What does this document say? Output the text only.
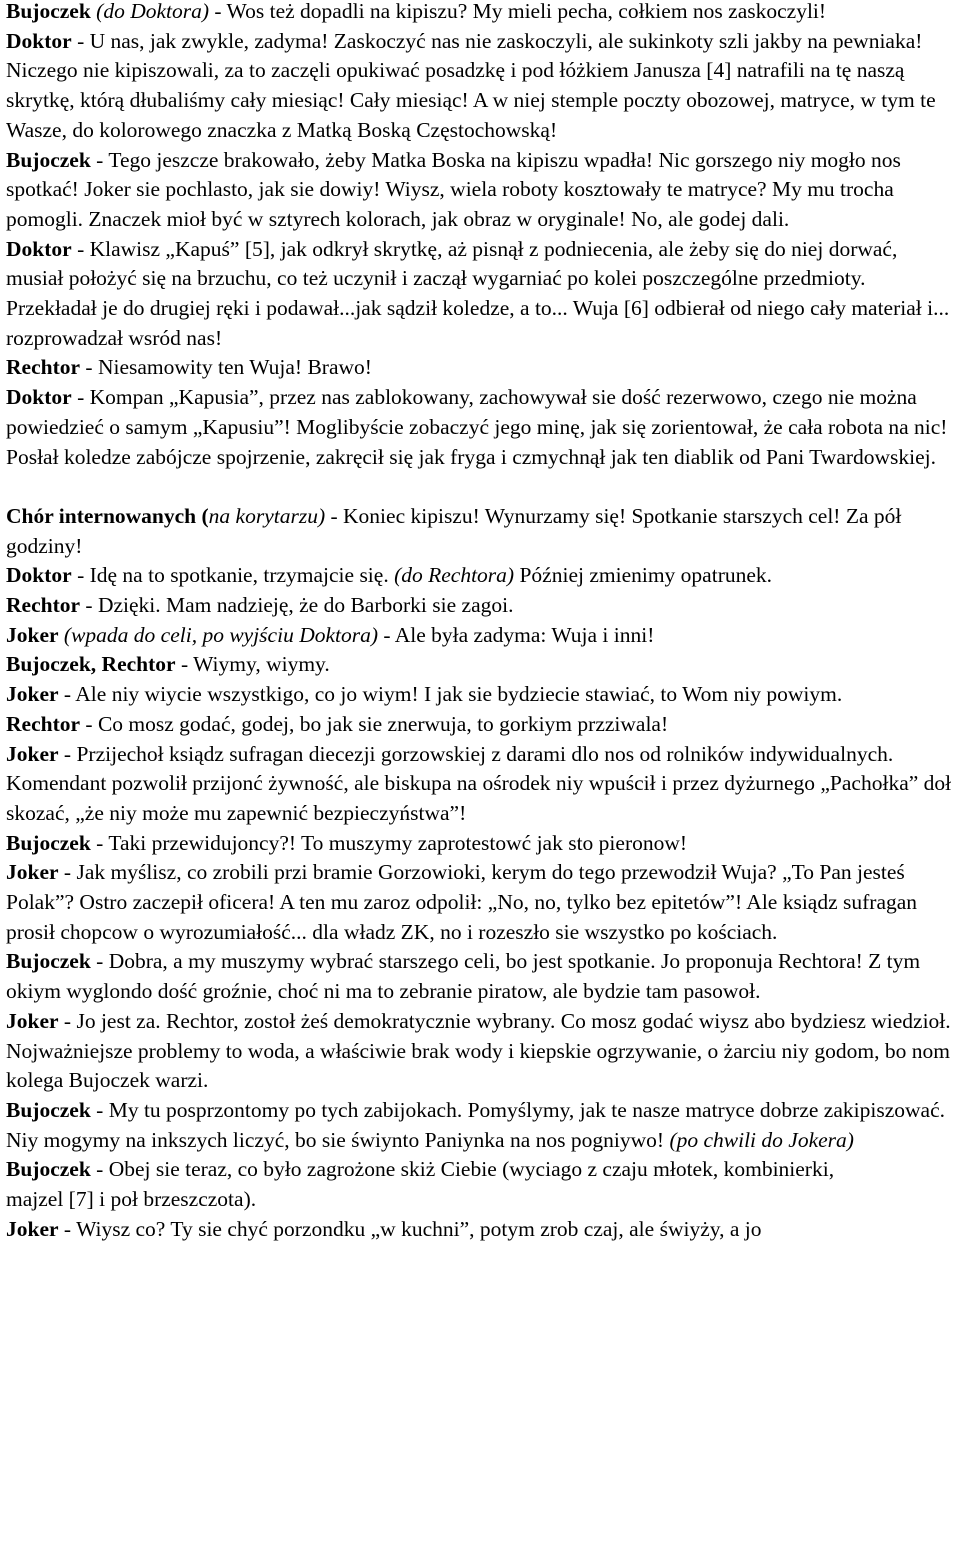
Bujoczek (do Doktora) - Wos też dopadli na kipiszu? My mieli pecha, cołkiem nos zaskoczyli!

Doktor - U nas, jak zwykle, zadyma! Zaskoczyć nas nie zaskoczyli, ale sukinkoty szli jakby na pewniaka! Niczego nie kipiszowali, za to zaczęli opukiwać posadzkę i pod łóżkiem Janusza [4] natrafili na tę naszą skrytkę, którą dłubaliśmy cały miesiąc! Cały miesiąc! A w niej stemple poczty obozowej, matryce, w tym te Wasze, do kolorowego znaczka z Matką Boską Częstochowską!

Bujoczek - Tego jeszcze brakowało, żeby Matka Boska na kipiszu wpadła! Nic gorszego niy mogło nos spotkać! Joker sie pochlasto, jak sie dowiy! Wiysz, wiela roboty kosztowały te matryce? My mu trocha pomogli. Znaczek mioł być w sztyrech kolorach, jak obraz w oryginale! No, ale godej dali.

Doktor - Klawisz „Kapuś” [5], jak odkrył skrytkę, aż pisnął z podniecenia, ale żeby się do niej dorwać, musiał położyć się na brzuchu, co też uczynił i zaczął wygarniać po kolei poszczególne przedmioty. Przekładał je do drugiej ręki i podawał...jak sądził koledze, a to... Wuja [6] odbierał od niego cały materiał i... rozprowadzał wsród nas!

Rechtor - Niesamowity ten Wuja! Brawo!

Doktor - Kompan „Kapusia”, przez nas zablokowany, zachowywał sie dość rezerwowo, czego nie można powiedzieć o samym „Kapusiu”! Moglibyście zobaczyć jego minę, jak się zorientował, że cała robota na nic! Posłał koledze zabójcze spojrzenie, zakręcił się jak fryga i czmychnął jak ten diablik od Pani Twardowskiej.

Chór internowanych (na korytarzu) - Koniec kipiszu! Wynurzamy się! Spotkanie starszych cel! Za pół godziny!

Doktor - Idę na to spotkanie, trzymajcie się. (do Rechtora) Później zmienimy opatrunek.

Rechtor - Dzięki. Mam nadzieję, że do Barborki sie zagoi.

Joker (wpada do celi, po wyjściu Doktora) - Ale była zadyma: Wuja i inni!

Bujoczek, Rechtor - Wiymy, wiymy.

Joker - Ale niy wiycie wszystkigo, co jo wiym! I jak sie bydziecie stawiać, to Wom niy powiym.

Rechtor - Co mosz godać, godej, bo jak sie znerwuja, to gorkiym przziwala!

Joker - Przijechoł ksiądz sufragan diecezji gorzowskiej z darami dlo nos od rolników indywidualnych. Komendant pozwolił przijonć żywność, ale biskupa na ośrodek niy wpuścił i przez dyżurnego „Pachołka” doł skozać, „że niy może mu zapewnić bezpieczyństwa”!

Bujoczek - Taki przewidujoncy?! To muszymy zaprotestowć jak sto pieronow!

Joker - Jak myślisz, co zrobili przi bramie Gorzowioki, kerym do tego przewodził Wuja? „To Pan jesteś Polak”? Ostro zaczepił oficera! A ten mu zaroz odpolił: „No, no, tylko bez epitetów”! Ale ksiądz sufragan prosił chopcow o wyrozumiałość... dla władz ZK, no i rozeszło sie wszystko po kościach.

Bujoczek - Dobra, a my muszymy wybrać starszego celi, bo jest spotkanie. Jo proponuja Rechtora! Z tym okiym wyglondo dość groźnie, choć ni ma to zebranie piratow, ale bydzie tam pasowoł.

Joker - Jo jest za. Rechtor, zostoł żeś demokratycznie wybrany. Co mosz godać wiysz abo bydziesz wiedzioł. Nojważniejsze problemy to woda, a właściwie brak wody i kiepskie ogrzywanie, o żarciu niy godom, bo nom kolega Bujoczek warzi.

Bujoczek - My tu posprzontomy po tych zabijokach. Pomyślymy, jak te nasze matryce dobrze zakipiszować. Niy mogymy na inkszych liczyć, bo sie świynto Paniynka na nos pogniywo! (po chwili do Jokera)

Bujoczek - Obej sie teraz, co było zagrożone skiż Ciebie (wyciago z czaju młotek, kombinierki,

majzel [7] i poł brzeszczota).

Joker - Wiysz co? Ty sie chyć porzondku „w kuchni”, potym zrob czaj, ale świyży, a jo
